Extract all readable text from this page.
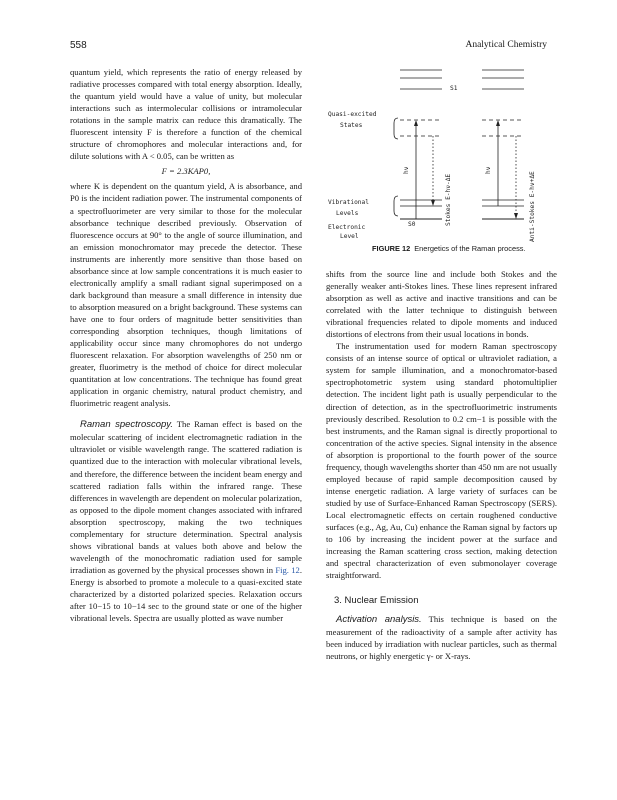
558	Analytical Chemistry

quantum yield, which represents the ratio of energy released by radiative processes compared with total energy absorption. Ideally, the quantum yield would have a value of unity, but molecular interactions such as intermolecular collisions or intramolecular rotations in the sample matrix can reduce this dramatically. The fluorescent intensity F is therefore a function of the chemical structure of chromophores and molecular interactions and, for dilute solutions with A < 0.05, can be written as

F = 2.3KAP0,

where K is dependent on the quantum yield, A is absorbance, and P0 is the incident radiation power. The instrumental components of a spectrofluorimeter are very similar to those for the molecular absorbance technique described previously. Observation of fluorescence occurs at 90° to the angle of source illumination, and an emission monochromator may precede the detector. These instruments are inherently more sensitive than those based on absorbance since at low sample concentrations it is much easier to electronically amplify a small radiant signal superimposed on a dark background than measure a small difference in intensity due to absorption measured on a bright background. These systems can have one to four orders of magnitude better sensitivities than corresponding absorption techniques, though limitations of applicability occur since many chromophores do not undergo fluorescent relaxation. For absorption wavelengths of 250 nm or greater, fluorimetry is the method of choice for direct molecular quantitation at low concentrations. The technique has found great application in organic chemistry, natural product chemistry, and fluorimetric reagent analysis.

Raman spectroscopy. The Raman effect is based on the molecular scattering of incident electromagnetic radiation in the ultraviolet or visible wavelength range. The scattered radiation is quantized due to the interaction with molecular vibrational levels, and therefore, the difference between the incident beam energy and scattered radiation falls within the infrared range. These differences in wavelength are dependent on molecular polarization, as opposed to the dipole moment changes associated with infrared absorption spectroscopy, making the two techniques complementary for structure determination. Spectral analysis shows vibrational bands at values both above and below the wavelength of the monochromatic radiation used for sample irradiation as governed by the physical processes shown in Fig. 12. Energy is absorbed to promote a molecule to a quasi-excited state characterized by a distorted polarized species. Relaxation occurs after 10−15 to 10−14 sec to the ground state or one of the higher vibrational levels. Spectra are usually plotted as wave number

S1
Quasi-excited
States
Vibrational
Levels
S0
Electronic
Level
hν
Stokes E-hν-ΔE
hν
Anti-Stokes E-hν+ΔE
FIGURE 12 Energetics of the Raman process.

shifts from the source line and include both Stokes and the generally weaker anti-Stokes lines. These lines represent infrared absorption as well as active and inactive transitions and can be correlated with the latter technique to distinguish between vibrational frequencies related to dipole moments and induced distortions of electrons from their usual locations in bonds.

The instrumentation used for modern Raman spectroscopy consists of an intense source of optical or ultraviolet radiation, a system for sample illumination, and a monochromator-based spectrophotometric system using standard photomultiplier detection. The incident light path is usually perpendicular to the direction of detection, as in the spectrofluorimetric instruments previously described. Resolution to 0.2 cm−1 is possible with the best instruments, and the Raman signal is directly proportional to concentration of the active species. Signal intensity in the absence of absorption is proportional to the fourth power of the source frequency, though wavelengths shorter than 450 nm are not usually employed because of rapid sample decomposition caused by intense energetic radiation. A large variety of surfaces can be studied by use of Surface-Enhanced Raman Spectroscopy (SERS). Local electromagnetic effects on certain roughened conductive surfaces (e.g., Ag, Au, Cu) enhance the Raman signal by factors up to 106 by increasing the incident power at the surface and increasing the Raman scattering cross section, making detection and spectral characterization of even submonolayer coverage straightforward.

3. Nuclear Emission

Activation analysis. This technique is based on the measurement of the radioactivity of a sample after activity has been induced by irradiation with nuclear particles, such as thermal neutrons, or highly energetic γ- or X-rays.
